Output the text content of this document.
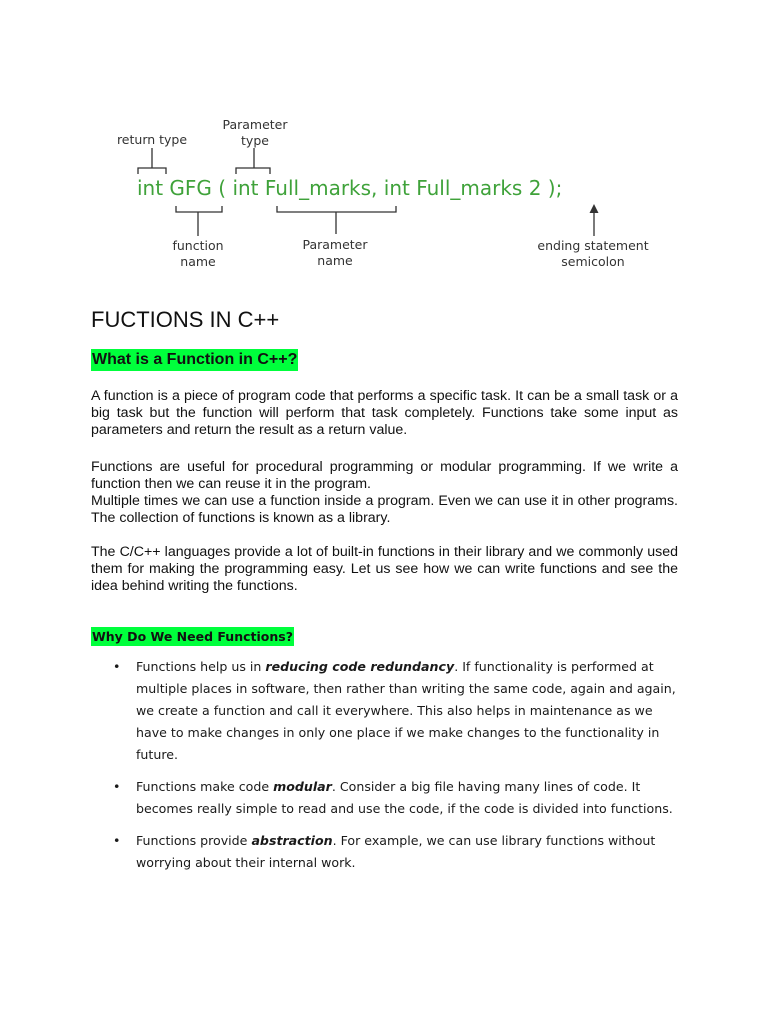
return type
Parameter
type
function
name
Parameter
name
ending statement
semicolon
int GFG ( int Full_marks, int Full_marks 2 );
FUCTIONS IN C++
What is a Function in C++?
A function is a piece of program code that performs a specific task. It can be a small task or a big task but the function will perform that task completely. Functions take some input as parameters and return the result as a return value.
Functions are useful for procedural programming or modular programming. If we write a function then we can reuse it in the program.
Multiple times we can use a function inside a program. Even we can use it in other programs. The collection of functions is known as a library.
The C/C++ languages provide a lot of built-in functions in their library and we commonly used them for making the programming easy. Let us see how we can write functions and see the idea behind writing the functions.
Why Do We Need Functions?
• Functions help us in reducing code redundancy. If functionality is performed at multiple places in software, then rather than writing the same code, again and again, we create a function and call it everywhere. This also helps in maintenance as we have to make changes in only one place if we make changes to the functionality in future.
• Functions make code modular. Consider a big file having many lines of code. It becomes really simple to read and use the code, if the code is divided into functions.
• Functions provide abstraction. For example, we can use library functions without worrying about their internal work.
